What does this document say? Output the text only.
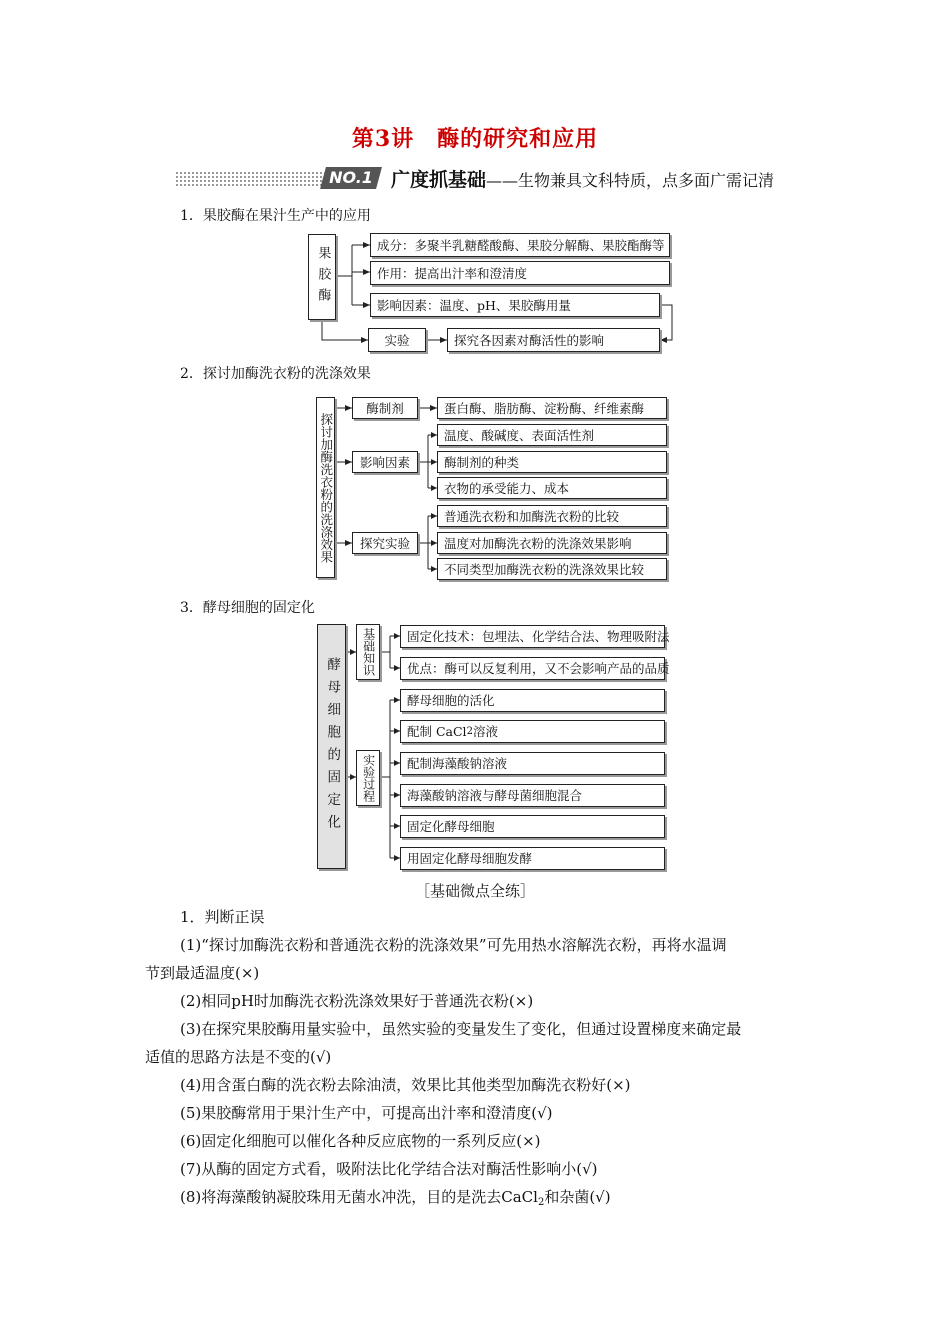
第3讲　酶的研究和应用
NO.1 广度抓基础——生物兼具文科特质，点多面广需记清
1．果胶酶在果汁生产中的应用
果胶酶
成分：多聚半乳糖醛酸酶、果胶分解酶、果胶酯酶等
作用：提高出汁率和澄清度
影响因素：温度、pH、果胶酶用量
实验	探究各因素对酶活性的影响
2．探讨加酶洗衣粉的洗涤效果
探讨加酶洗衣粉的洗涤效果
酶制剂
影响因素
探究实验
蛋白酶、脂肪酶、淀粉酶、纤维素酶
温度、酸碱度、表面活性剂
酶制剂的种类
衣物的承受能力、成本
普通洗衣粉和加酶洗衣粉的比较
温度对加酶洗衣粉的洗涤效果影响
不同类型加酶洗衣粉的洗涤效果比较
3．酵母细胞的固定化
酵母细胞的固定化
基础知识
实验过程
固定化技术：包埋法、化学结合法、物理吸附法
优点：酶可以反复利用，又不会影响产品的品质
酵母细胞的活化
配制 CaCl 2 溶液
配制海藻酸钠溶液
海藻酸钠溶液与酵母菌细胞混合
固定化酵母细胞
用固定化酵母细胞发酵
［基础微点全练］
1．判断正误
(1)“探讨加酶洗衣粉和普通洗衣粉的洗涤效果”可先用热水溶解洗衣粉，再将水温调
节到最适温度(×)
(2)相同pH时加酶洗衣粉洗涤效果好于普通洗衣粉(×)
(3)在探究果胶酶用量实验中，虽然实验的变量发生了变化，但通过设置梯度来确定最
适值的思路方法是不变的(√)
(4)用含蛋白酶的洗衣粉去除油渍，效果比其他类型加酶洗衣粉好(×)
(5)果胶酶常用于果汁生产中，可提高出汁率和澄清度(√)
(6)固定化细胞可以催化各种反应底物的一系列反应(×)
(7)从酶的固定方式看，吸附法比化学结合法对酶活性影响小(√)
(8)将海藻酸钠凝胶珠用无菌水冲洗，目的是洗去CaCl$_2$和杂菌(√)
